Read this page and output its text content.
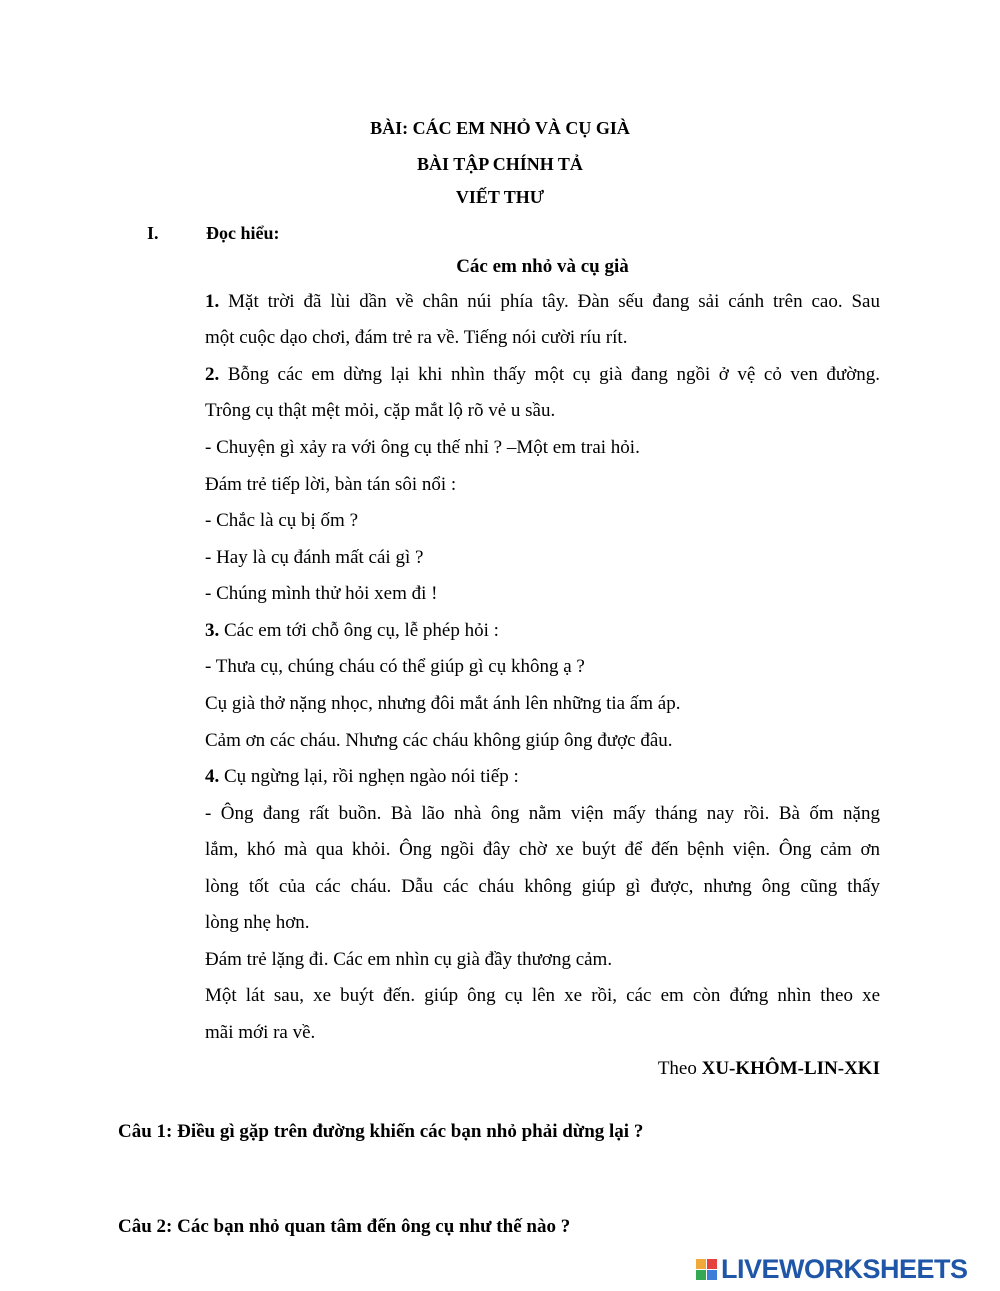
BÀI: CÁC EM NHỎ VÀ CỤ GIÀ
BÀI TẬP CHÍNH TẢ
VIẾT THƯ
I.	Đọc hiểu:
Các em nhỏ và cụ già
1. Mặt trời đã lùi dần về chân núi phía tây. Đàn sếu đang sải cánh trên cao. Sau
một cuộc dạo chơi, đám trẻ ra về. Tiếng nói cười ríu rít.
2. Bỗng các em dừng lại khi nhìn thấy một cụ già đang ngồi ở vệ cỏ ven đường.
Trông cụ thật mệt mỏi, cặp mắt lộ rõ vẻ u sầu.
- Chuyện gì xảy ra với ông cụ thế nhỉ ? –Một em trai hỏi.
Đám trẻ tiếp lời, bàn tán sôi nổi :
- Chắc là cụ bị ốm ?
- Hay là cụ đánh mất cái gì ?
- Chúng mình thử hỏi xem đi !
3. Các em tới chỗ ông cụ, lễ phép hỏi :
- Thưa cụ, chúng cháu có thể giúp gì cụ không ạ ?
Cụ già thở nặng nhọc, nhưng đôi mắt ánh lên những tia ấm áp.
Cảm ơn các cháu. Nhưng các cháu không giúp ông được đâu.
4. Cụ ngừng lại, rồi nghẹn ngào nói tiếp :
- Ông đang rất buồn. Bà lão nhà ông nằm viện mấy tháng nay rồi. Bà ốm nặng
lắm, khó mà qua khỏi. Ông ngồi đây chờ xe buýt để đến bệnh viện. Ông cảm ơn
lòng tốt của các cháu. Dẫu các cháu không giúp gì được, nhưng ông cũng thấy
lòng nhẹ hơn.
Đám trẻ lặng đi. Các em nhìn cụ già đầy thương cảm.
Một lát sau, xe buýt đến. giúp ông cụ lên xe rồi, các em còn đứng nhìn theo xe
mãi mới ra về.
Theo XU-KHÔM-LIN-XKI
Câu 1: Điều gì gặp trên đường khiến các bạn nhỏ phải dừng lại ?
Câu 2: Các bạn nhỏ quan tâm đến ông cụ như thế nào ?
LIVEWORKSHEETS
